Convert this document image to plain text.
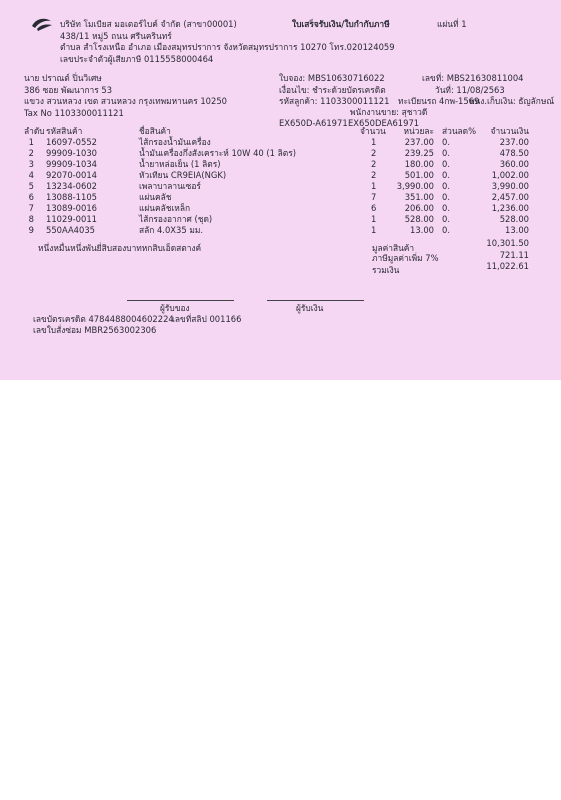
บริษัท โมเบียส มอเตอร์ไบค์ จำกัด (สาขา00001)
438/11 หมู่5 ถนน ศรีนครินทร์
ตำบล สำโรงเหนือ อำเภอ เมืองสมุทรปราการ จังหวัดสมุทรปราการ 10270 โทร.020124059
เลขประจำตัวผู้เสียภาษี 0115558000464
ใบเสร็จรับเงิน/ใบกำกับภาษี	แผ่นที่ 1
นาย ปราณต์ ปิ่นวิเศษ
386 ซอย พัฒนาการ 53
แขวง สวนหลวง เขต สวนหลวง กรุงเทพมหานคร 10250
Tax No 1103300011121
ใบจอง: MBS10630716022	เลขที่: MBS21630811004
เงื่อนไข: ชำระด้วยบัตรเครดิต	วันที่: 11/08/2563
รหัสลูกค้า: 1103300011121 ทะเบียนรถ 4กพ-1569
พนง.เก็บเงิน: ธัญลักษณ์
พนักงานขาย: สุชาวดี
EX650D-A61971 EX650DEA61971
ลำดับ รหัสสินค้า	ชื่อสินค้า	จำนวน	หน่วยละ ส่วนลด%	จำนวนเงิน
1 16097-0552	ไส้กรองน้ำมันเครื่อง	1	237.00 0.	237.00
2 99909-1030	น้ำมันเครื่องกึ่งสังเคราะห์ 10W 40 (1 ลิตร)	2	239.25 0.	478.50
3 99909-1034	น้ำยาหล่อเย็น (1 ลิตร)	2	180.00 0.	360.00
4 92070-0014	หัวเทียน CR9EIA(NGK)	2	501.00 0.	1,002.00
5 13234-0602	เพลาบาลานเซอร์	1	3,990.00 0.	3,990.00
6 13088-1105	แผ่นคลัช	7	351.00 0.	2,457.00
7 13089-0016	แผ่นคลัชเหล็ก	6	206.00 0.	1,236.00
8 11029-0011	ไส้กรองอากาศ (ชุด)	1	528.00 0.	528.00
9 550AA4035	สลัก 4.0X35 มม.	1	13.00 0.	13.00
หนึ่งหมื่นหนึ่งพันยี่สิบสองบาทหกสิบเอ็ดสตางค์	มูลค่าสินค้า	10,301.50
ภาษีมูลค่าเพิ่ม 7%	721.11
รวมเงิน	11,022.61
ผู้รับของ	ผู้รับเงิน
เลขบัตรเครดิต 4784488004602224
เลขที่สลิป 001166
เลขใบสั่งซ่อม MBR2563002306
